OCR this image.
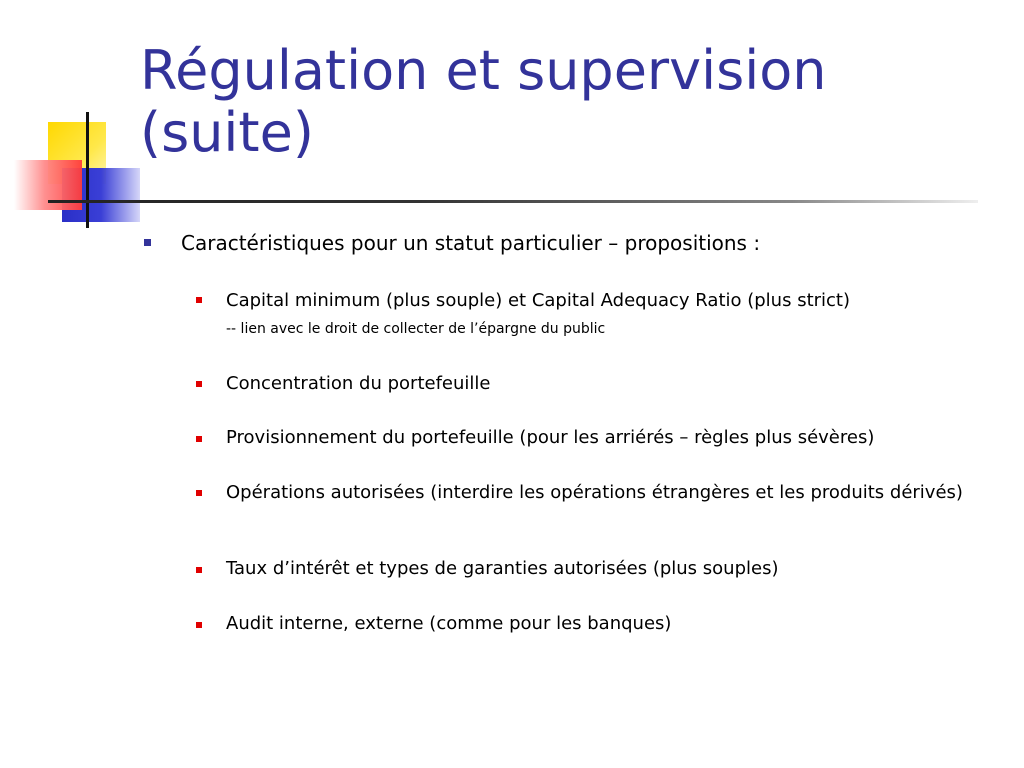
Régulation et supervision
(suite)
Caractéristiques pour un statut particulier – propositions :
Capital minimum (plus souple) et Capital Adequacy Ratio (plus strict)
-- lien avec le droit de collecter de l’épargne du public
Concentration du portefeuille
Provisionnement du portefeuille (pour les arriérés – règles plus sévères)
Opérations autorisées (interdire les opérations étrangères et les produits dérivés)
Taux d’intérêt et types de garanties autorisées (plus souples)
Audit interne, externe (comme pour les banques)
